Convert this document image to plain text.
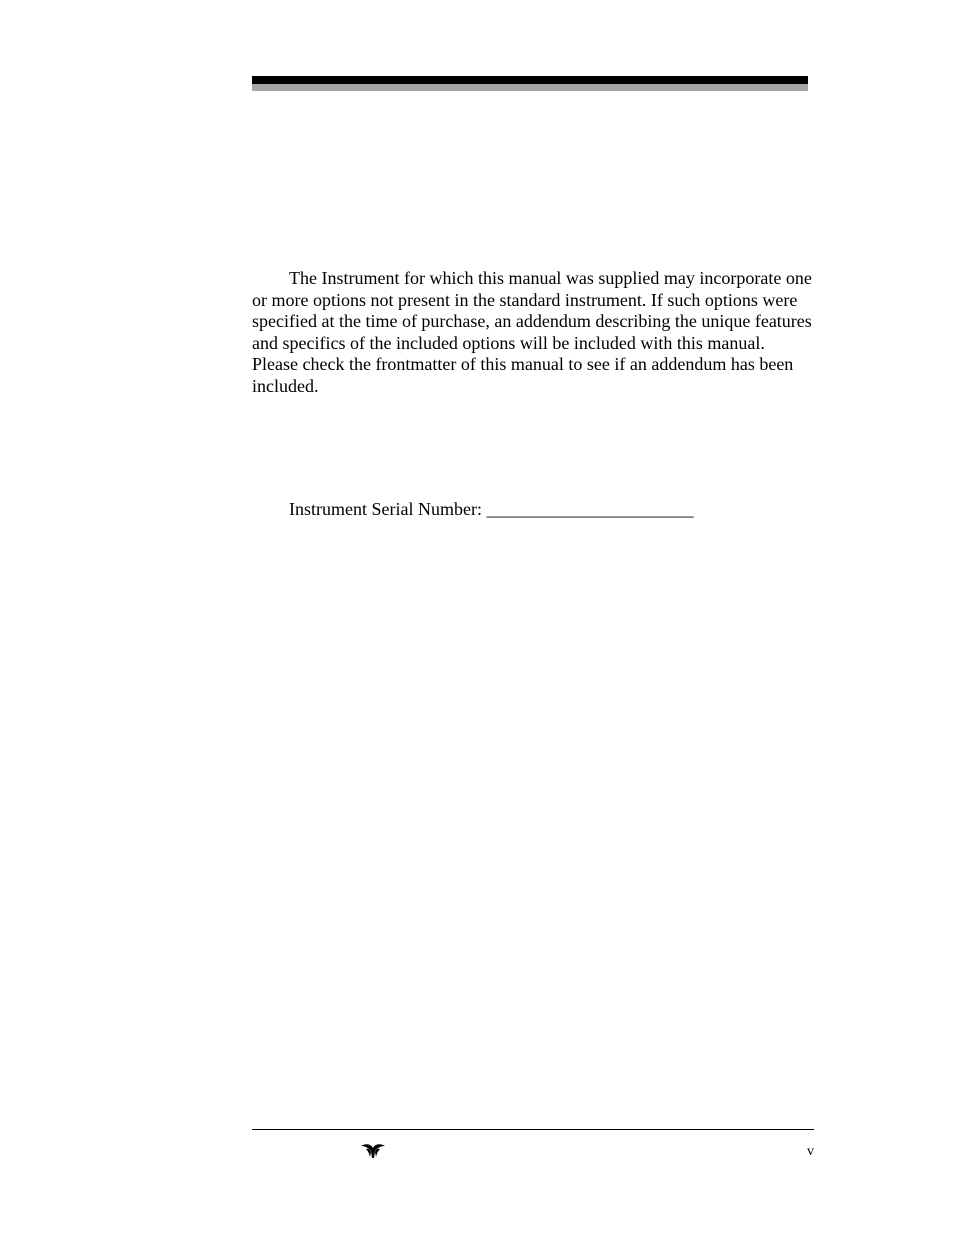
The Instrument for which this manual was supplied may incorporate one or more options not present in the standard instrument. If such options were specified at the time of purchase, an addendum describing the unique features and specifics of the included options will be included with this manual. Please check the frontmatter of this manual to see if an addendum has been included.

Instrument Serial Number: _______________________
v
